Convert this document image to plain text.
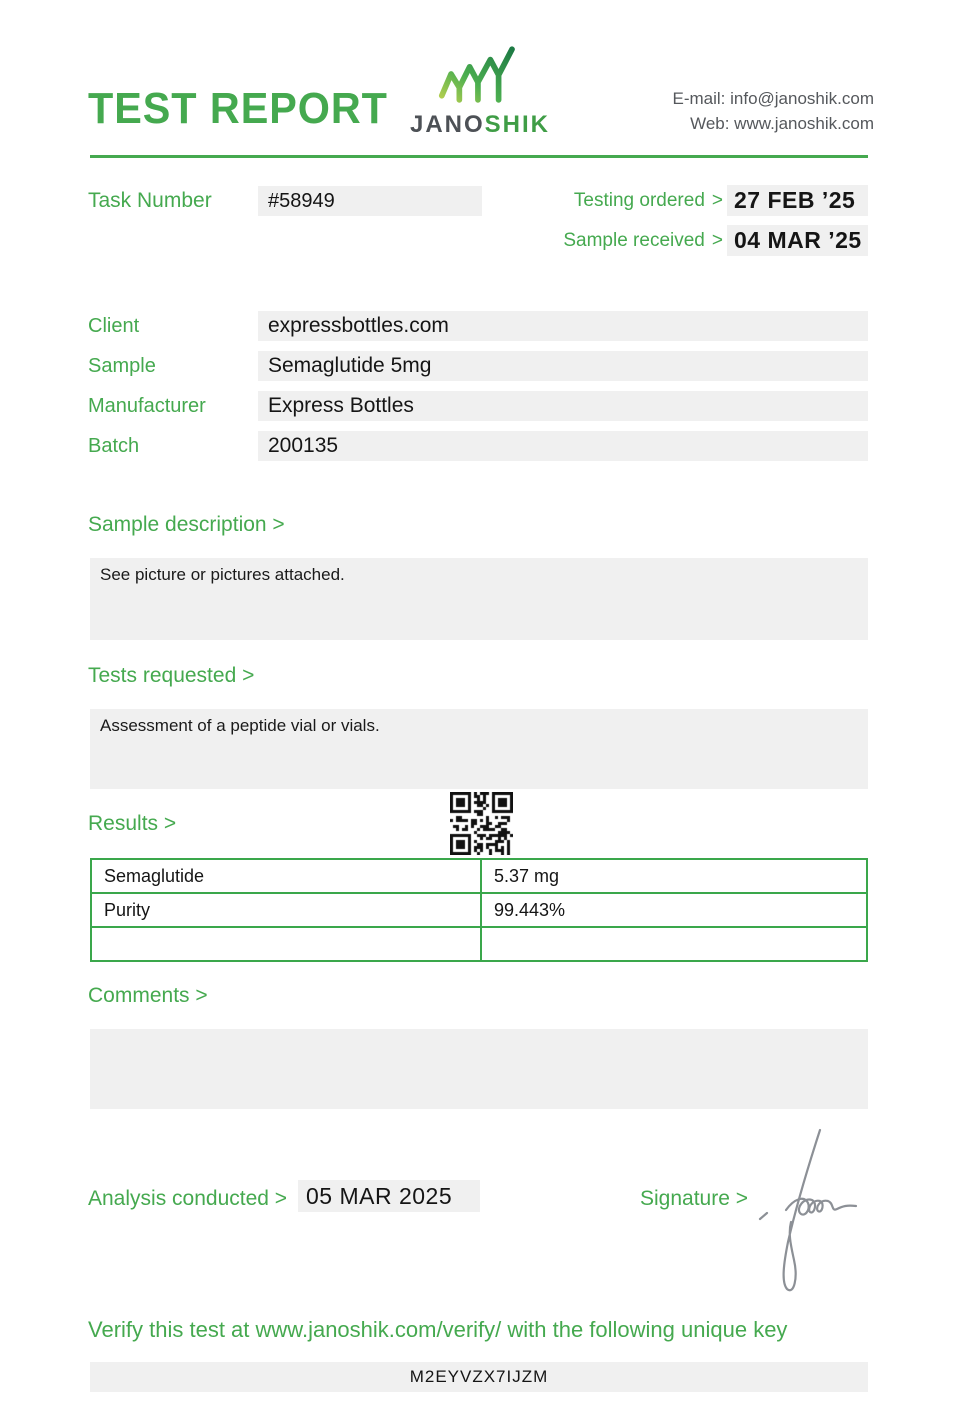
TEST REPORT JANOSHIK
E-mail: info@janoshik.com
Web: www.janoshik.com
Task Number	#58949	Testing ordered > 27 FEB ’25
Sample received > 04 MAR ’25
Client	expressbottles.com
Sample	Semaglutide 5mg
Manufacturer	Express Bottles
Batch	200135
Sample description >
See picture or pictures attached.
Tests requested >
Assessment of a peptide vial or vials.
Results >
Semaglutide	5.37 mg
Purity	99.443%

Comments >
Analysis conducted > 05 MAR 2025	Signature >
Verify this test at www.janoshik.com/verify/ with the following unique key
M2EYVZX7IJZM
